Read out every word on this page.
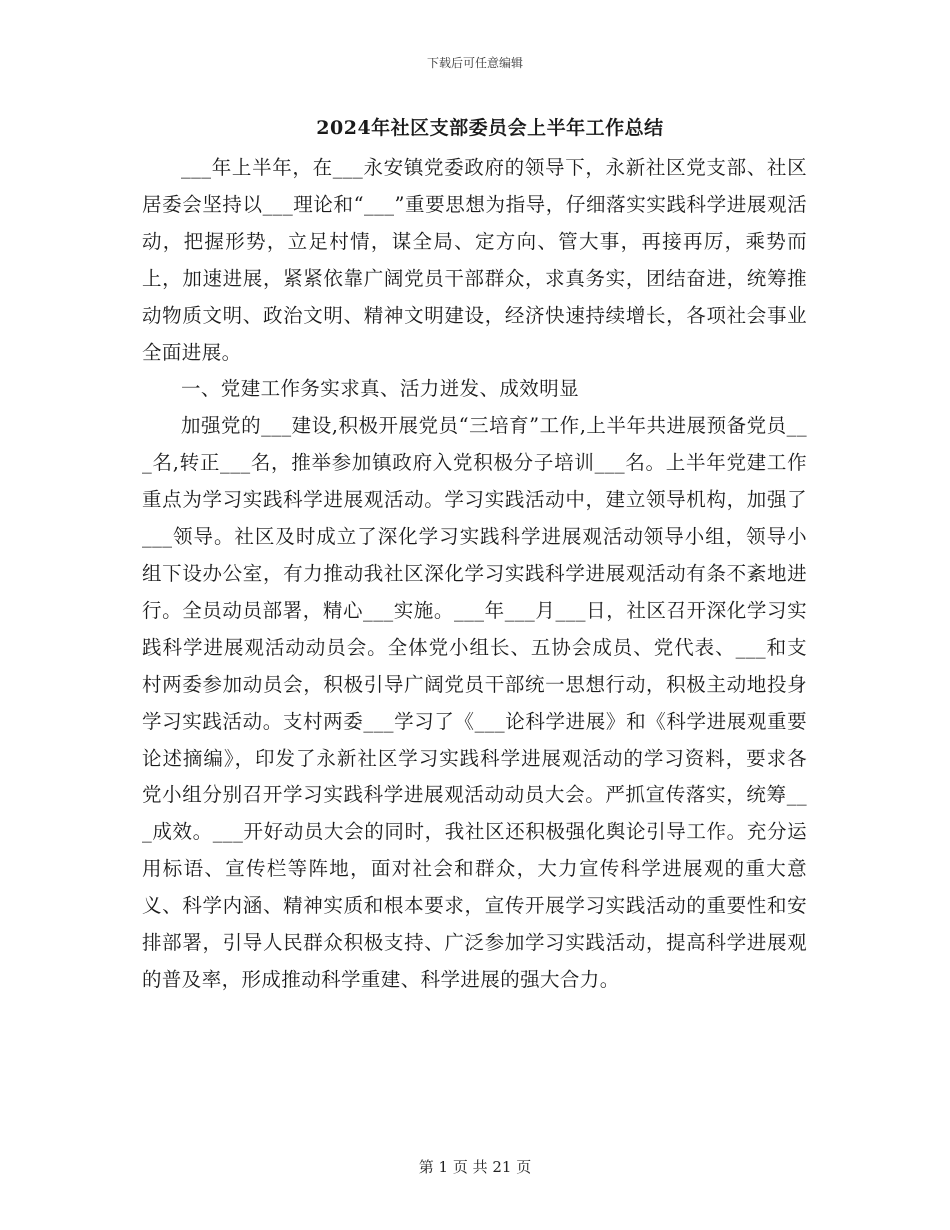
下载后可任意编辑
2024年社区支部委员会上半年工作总结

___年上半年，在___永安镇党委政府的领导下，永新社区党支部、社区居委会坚持以___理论和“___”重要思想为指导，仔细落实实践科学进展观活动，把握形势，立足村情，谋全局、定方向、管大事，再接再厉，乘势而上，加速进展，紧紧依靠广阔党员干部群众，求真务实，团结奋进，统筹推动物质文明、政治文明、精神文明建设，经济快速持续增长，各项社会事业全面进展。

一、党建工作务实求真、活力迸发、成效明显

加强党的___建设,积极开展党员“三培育”工作,上半年共进展预备党员___名,转正___名，推举参加镇政府入党积极分子培训___名。上半年党建工作重点为学习实践科学进展观活动。学习实践活动中，建立领导机构，加强了___领导。社区及时成立了深化学习实践科学进展观活动领导小组，领导小组下设办公室，有力推动我社区深化学习实践科学进展观活动有条不紊地进行。全员动员部署，精心___实施。___年___月___日，社区召开深化学习实践科学进展观活动动员会。全体党小组长、五协会成员、党代表、___和支村两委参加动员会，积极引导广阔党员干部统一思想行动，积极主动地投身学习实践活动。支村两委___学习了《___论科学进展》和《科学进展观重要论述摘编》，印发了永新社区学习实践科学进展观活动的学习资料，要求各党小组分别召开学习实践科学进展观活动动员大会。严抓宣传落实，统筹___成效。___开好动员大会的同时，我社区还积极强化舆论引导工作。充分运用标语、宣传栏等阵地，面对社会和群众，大力宣传科学进展观的重大意义、科学内涵、精神实质和根本要求，宣传开展学习实践活动的重要性和安排部署，引导人民群众积极支持、广泛参加学习实践活动，提高科学进展观的普及率，形成推动科学重建、科学进展的强大合力。

第 1 页 共 21 页
